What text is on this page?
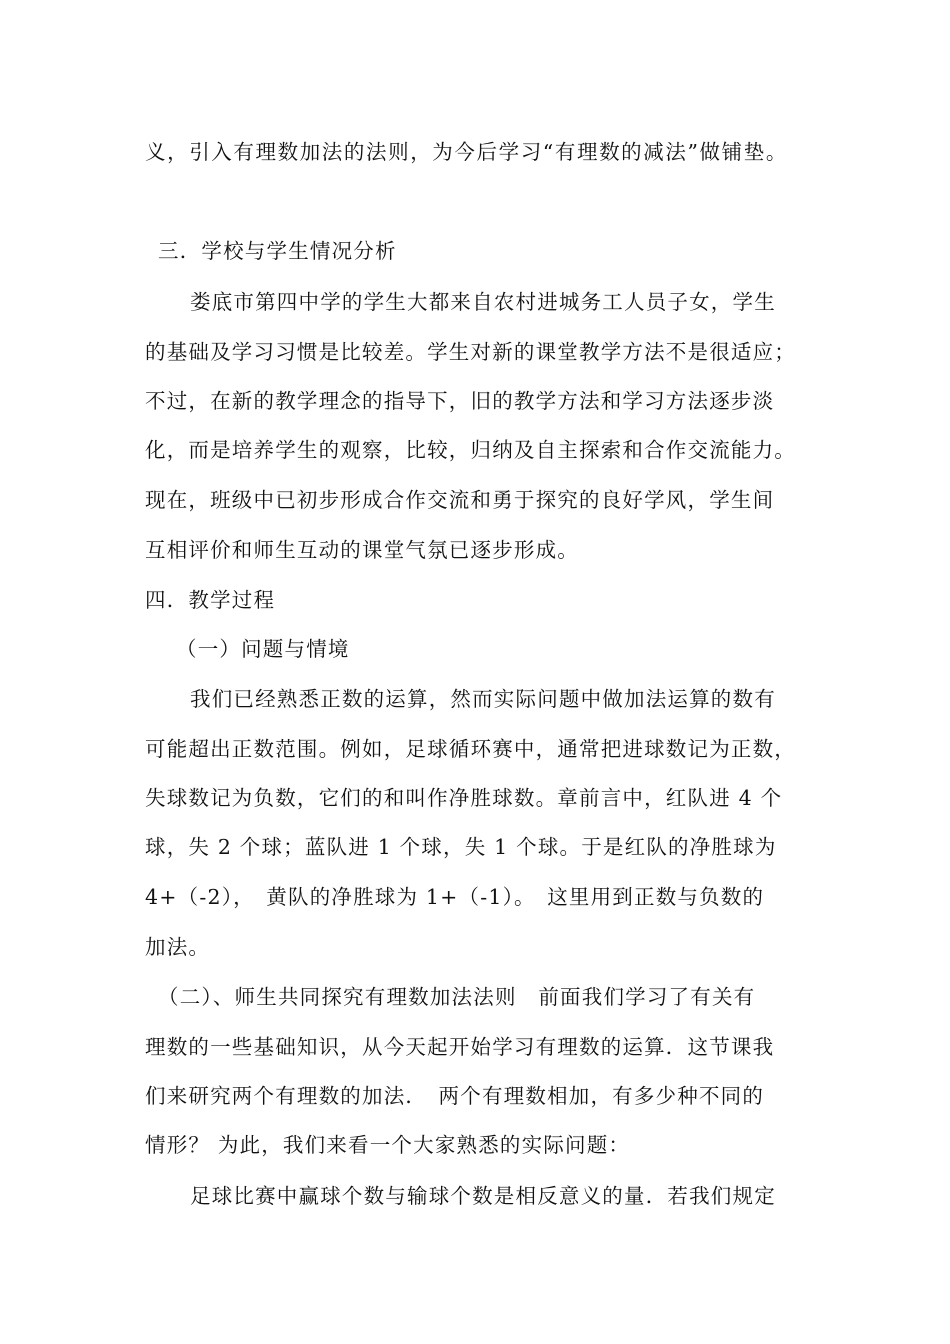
义，引入有理数加法的法则，为今后学习“有理数的减法”做铺垫。
三．学校与学生情况分析
娄底市第四中学的学生大都来自农村进城务工人员子女，学生
的基础及学习习惯是比较差。学生对新的课堂教学方法不是很适应；
不过，在新的教学理念的指导下，旧的教学方法和学习方法逐步淡
化，而是培养学生的观察，比较，归纳及自主探索和合作交流能力。
现在，班级中已初步形成合作交流和勇于探究的良好学风，学生间
互相评价和师生互动的课堂气氛已逐步形成。
四．教学过程
（一）问题与情境
我们已经熟悉正数的运算，然而实际问题中做加法运算的数有
可能超出正数范围。例如，足球循环赛中，通常把进球数记为正数，
失球数记为负数，它们的和叫作净胜球数。章前言中，红队进 4 个
球，失 2 个球；蓝队进 1 个球，失 1 个球。于是红队的净胜球为
4+（-2），　黄队的净胜球为 1+（-1）。　这里用到正数与负数的
加法。
（二）、师生共同探究有理数加法法则　前面我们学习了有关有
理数的一些基础知识，从今天起开始学习有理数的运算．这节课我
们来研究两个有理数的加法．　两个有理数相加，有多少种不同的
情形？ 为此，我们来看一个大家熟悉的实际问题：
足球比赛中赢球个数与输球个数是相反意义的量．若我们规定
